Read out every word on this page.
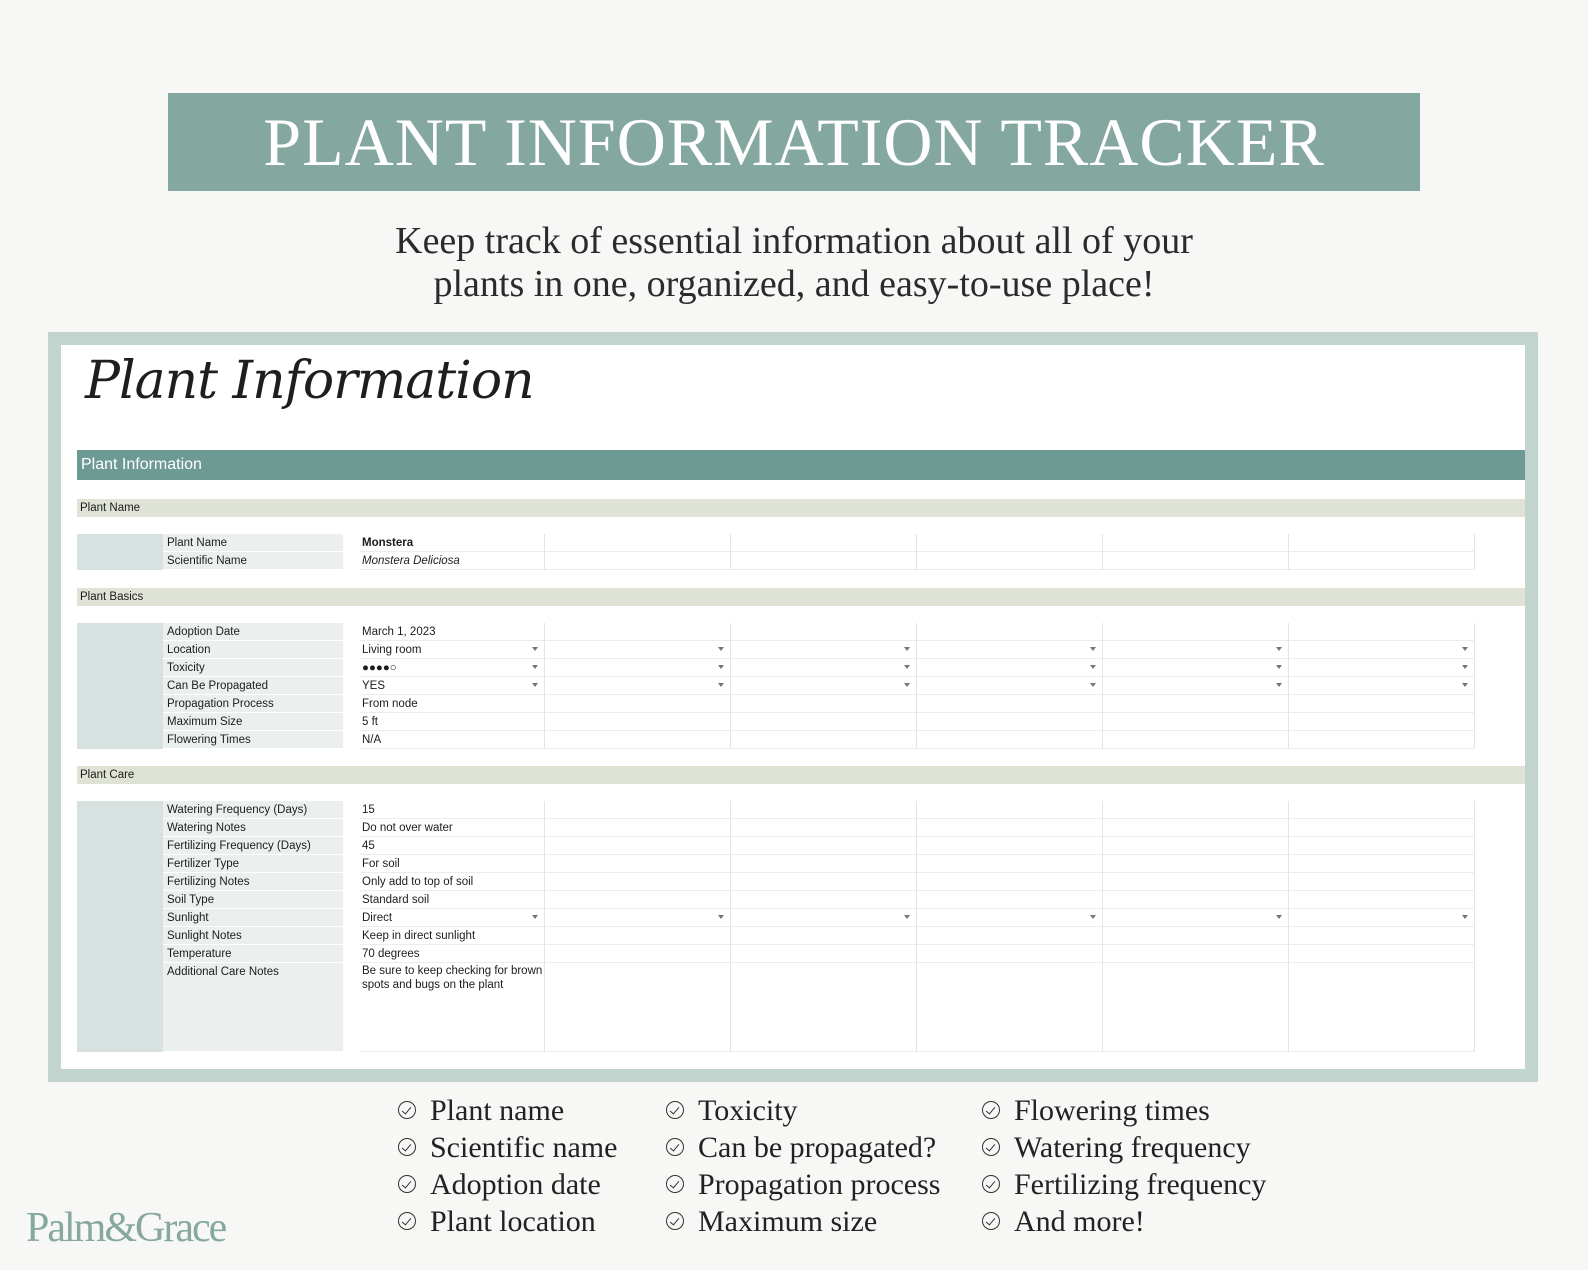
PLANT INFORMATION TRACKER
Keep track of essential information about all of your
plants in one, organized, and easy-to-use place!
Plant Information
Plant Information
Plant Name
Plant Name	Monstera
Scientific Name	Monstera Deliciosa
Plant Basics
Adoption Date	March 1, 2023
Location	Living room
Toxicity	●●●●○
Can Be Propagated	YES
Propagation Process	From node
Maximum Size	5 ft
Flowering Times	N/A
Plant Care
Watering Frequency (Days)	15
Watering Notes	Do not over water
Fertilizing Frequency (Days)	45
Fertilizer Type	For soil
Fertilizing Notes	Only add to top of soil
Soil Type	Standard soil
Sunlight	Direct
Sunlight Notes	Keep in direct sunlight
Temperature	70 degrees
Additional Care Notes	Be sure to keep checking for brown spots and bugs on the plant
Plant name
Scientific name
Adoption date
Plant location
Toxicity
Can be propagated?
Propagation process
Maximum size
Flowering times
Watering frequency
Fertilizing frequency
And more!
Palm&Grace
